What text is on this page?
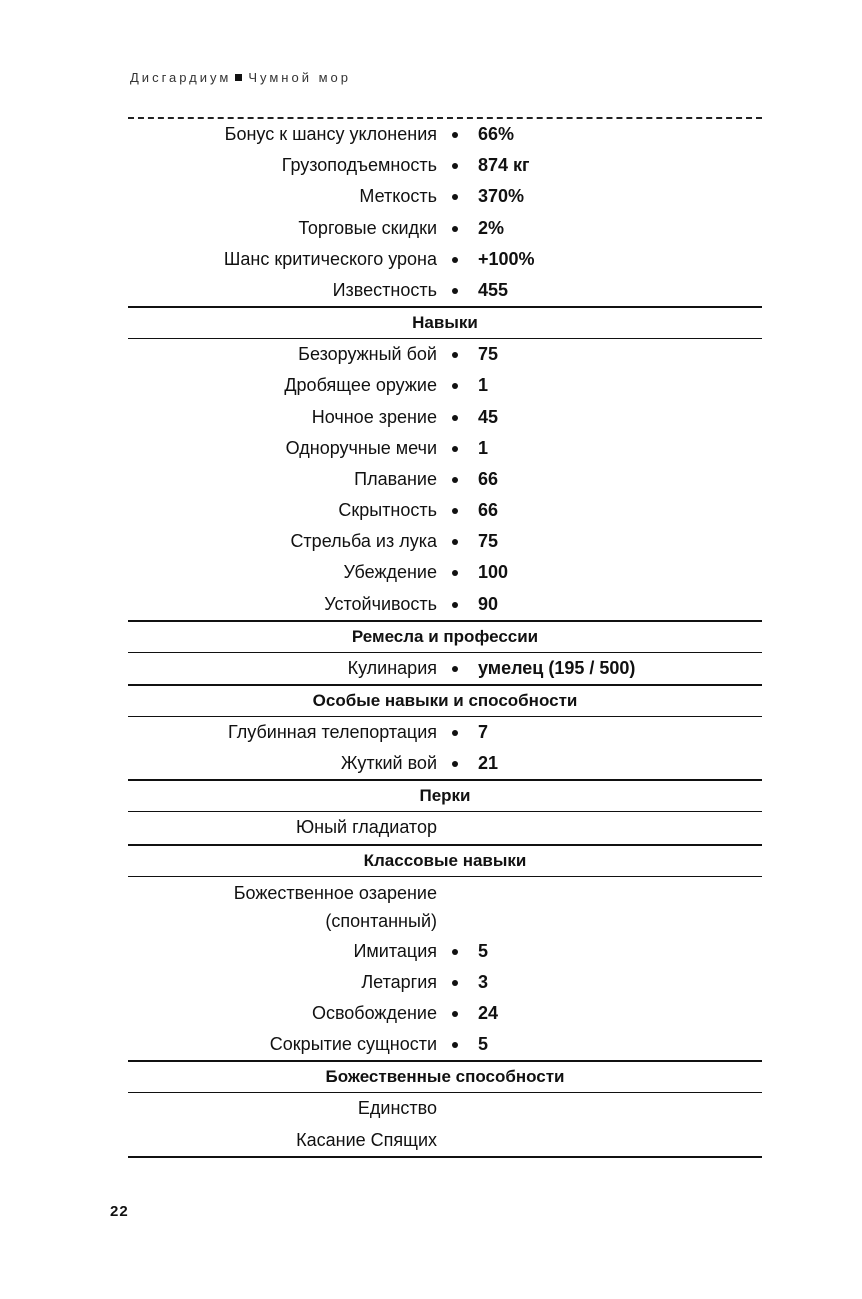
Дисгардиум Чумной мор
Бонус к шансу уклонения 66%
Грузоподъемность 874 кг
Меткость 370%
Торговые скидки 2%
Шанс критического урона +100%
Известность 455
Навыки
Безоружный бой 75
Дробящее оружие 1
Ночное зрение 45
Одноручные мечи 1
Плавание 66
Скрытность 66
Стрельба из лука 75
Убеждение 100
Устойчивость 90
Ремесла и профессии
Кулинария умелец (195 / 500)
Особые навыки и способности
Глубинная телепортация 7
Жуткий вой 21
Перки
Юный гладиатор
Классовые навыки
Божественное озарение (спонтанный)
Имитация 5
Летаргия 3
Освобождение 24
Сокрытие сущности 5
Божественные способности
Единство
Касание Спящих
22
